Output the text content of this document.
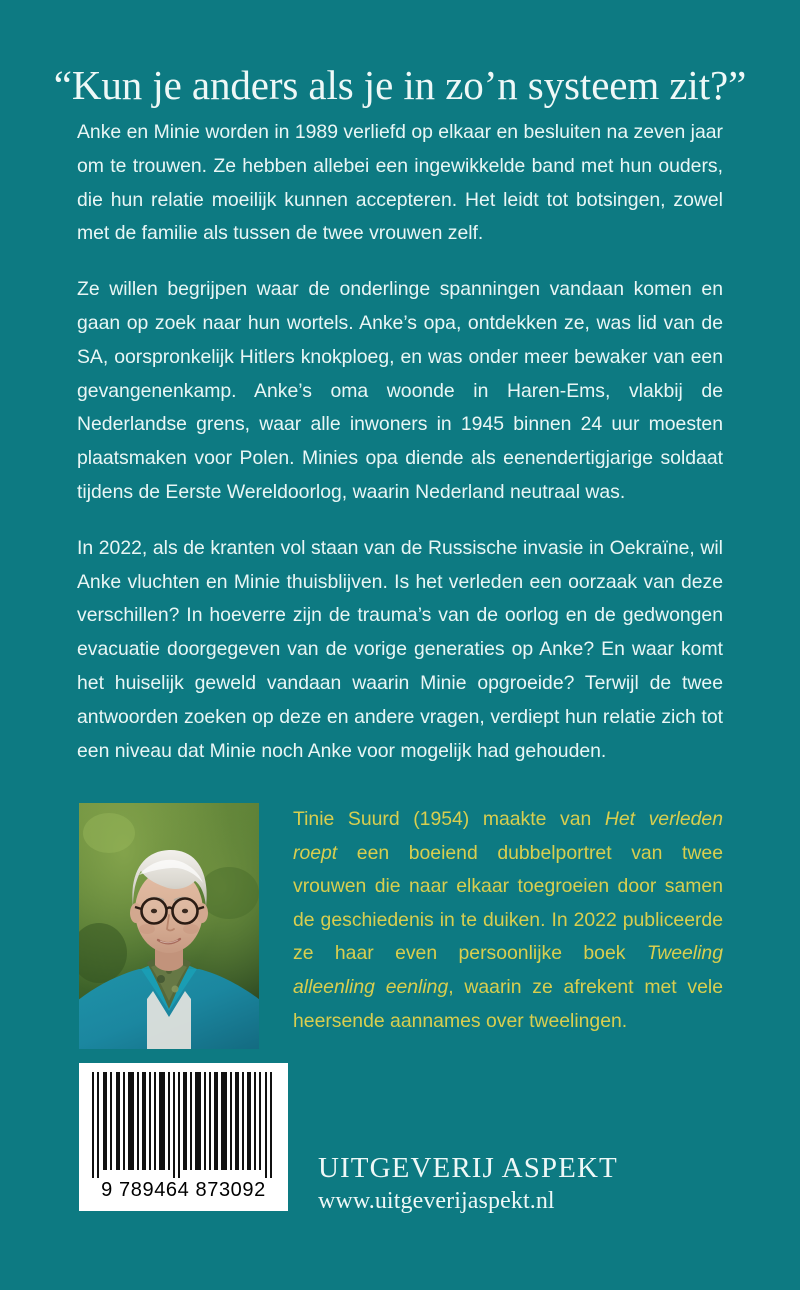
“Kun je anders als je in zo’n systeem zit?”

Anke en Minie worden in 1989 verliefd op elkaar en besluiten na zeven jaar om te trouwen. Ze hebben allebei een ingewikkelde band met hun ouders, die hun relatie moeilijk kunnen accepteren. Het leidt tot botsingen, zowel met de familie als tussen de twee vrouwen zelf.

Ze willen begrijpen waar de onderlinge spanningen vandaan komen en gaan op zoek naar hun wortels. Anke’s opa, ontdekken ze, was lid van de SA, oorspronkelijk Hitlers knokploeg, en was onder meer bewaker van een gevangenenkamp. Anke’s oma woonde in Haren-Ems, vlakbij de Nederlandse grens, waar alle inwoners in 1945 binnen 24 uur moesten plaatsmaken voor Polen. Minies opa diende als eenendertigjarige soldaat tijdens de Eerste Wereldoorlog, waarin Nederland neutraal was.

In 2022, als de kranten vol staan van de Russische invasie in Oekraïne, wil Anke vluchten en Minie thuisblijven. Is het verleden een oorzaak van deze verschillen? In hoeverre zijn de trauma’s van de oorlog en de gedwongen evacuatie doorgegeven van de vorige generaties op Anke? En waar komt het huiselijk geweld vandaan waarin Minie opgroeide? Terwijl de twee antwoorden zoeken op deze en andere vragen, verdiept hun relatie zich tot een niveau dat Minie noch Anke voor mogelijk had gehouden.

Tinie Suurd (1954) maakte van Het verleden roept een boeiend dubbelportret van twee vrouwen die naar elkaar toegroeien door samen de geschiedenis in te duiken. In 2022 publiceerde ze haar even persoonlijke boek Tweeling alleenling eenling, waarin ze afrekent met vele heersende aannames over tweelingen.
9 789464 873092
UITGEVERIJ ASPEKT
www.uitgeverijaspekt.nl
